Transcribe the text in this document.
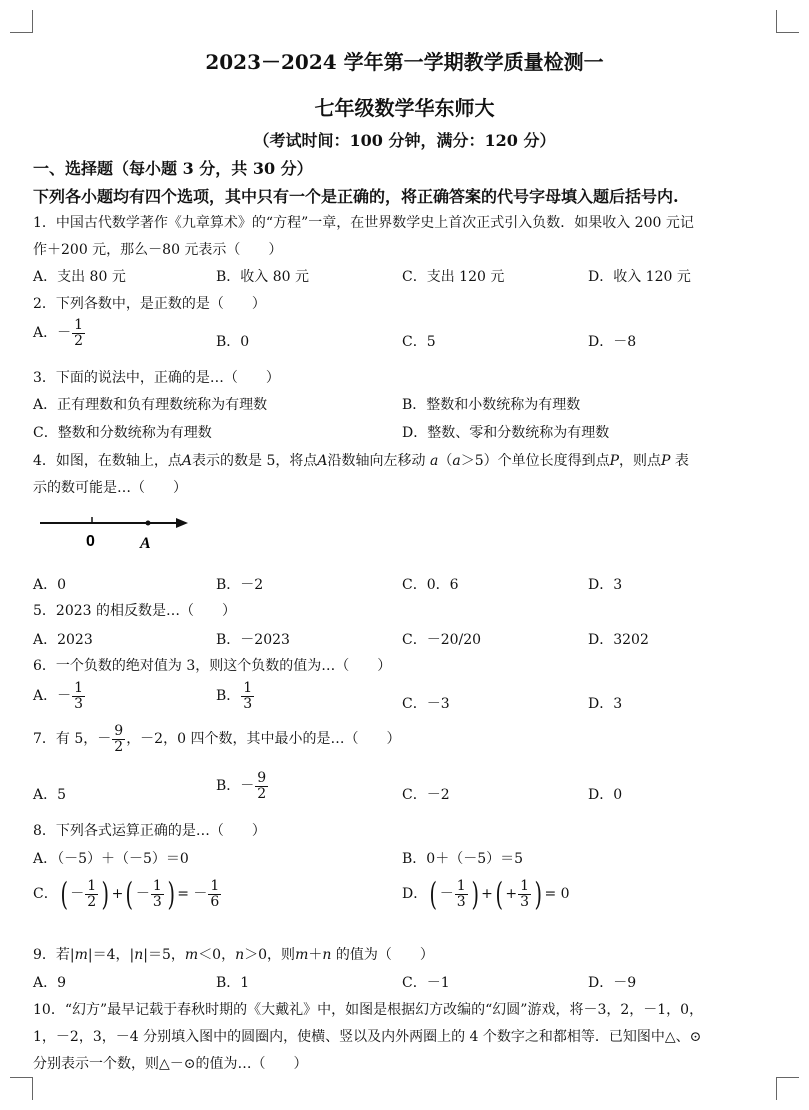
2023－2024 学年第一学期教学质量检测一
七年级数学华东师大
（考试时间：100 分钟，满分：120 分）
一、选择题（每小题 3 分，共 30 分）
下列各小题均有四个选项，其中只有一个是正确的，将正确答案的代号字母填入题后括号内.
1．中国古代数学著作《九章算术》的“方程”一章，在世界数学史上首次正式引入负数．如果收入 200 元记
作＋200 元，那么－80 元表示（　　）
A．支出 80 元	B．收入 80 元	C．支出 120 元	D．收入 120 元
2．下列各数中，是正数的是（　　）
A．－ $\frac{1}{2}$	B．0	C．5	D．－8
3．下面的说法中，正确的是…（　　）
A．正有理数和负有理数统称为有理数	B．整数和小数统称为有理数
C．整数和分数统称为有理数	D．整数、零和分数统称为有理数
4．如图，在数轴上，点A表示的数是 5，将点A沿数轴向左移动 a（a＞5）个单位长度得到点P，则点P 表
示的数可能是…（　　）
0	A
A．0	B．－2	C．0．6	D．3
5．2023 的相反数是…（　　）
A．2023	B．－2023	C．－20/20	D．3202
6．一个负数的绝对值为 3，则这个负数的值为…（　　）
A．－ $\frac{1}{3}$	B． $\frac{1}{3}$	C．－3	D．3
7．有 5，－ $\frac{9}{2}$ ，－2，0 四个数，其中最小的是…（　　）
A．5
B．－ $\frac{9}{2}$	C．－2	D．0
8．下列各式运算正确的是…（　　）
A．（－5）＋（－5）＝0	B．0＋（－5）＝5
C．( － $\frac{1}{2}$ ) +( － $\frac{1}{3}$ ) = － $\frac{1}{6}$	D．( － $\frac{1}{3}$ ) +( + $\frac{1}{3}$ ) = 0
9．若|m|＝4，|n|＝5，m＜0，n＞0，则m＋n 的值为（　　）
A．9	B．1	C．－1	D．－9
10．“幻方”最早记载于春秋时期的《大戴礼》中，如图是根据幻方改编的“幻圆”游戏，将－3，2，－1，0，
1，－2，3，－4 分别填入图中的圆圈内，使横、竖以及内外两圈上的 4 个数字之和都相等．已知图中△、⊙
分别表示一个数，则△－⊙的值为…（　　）
